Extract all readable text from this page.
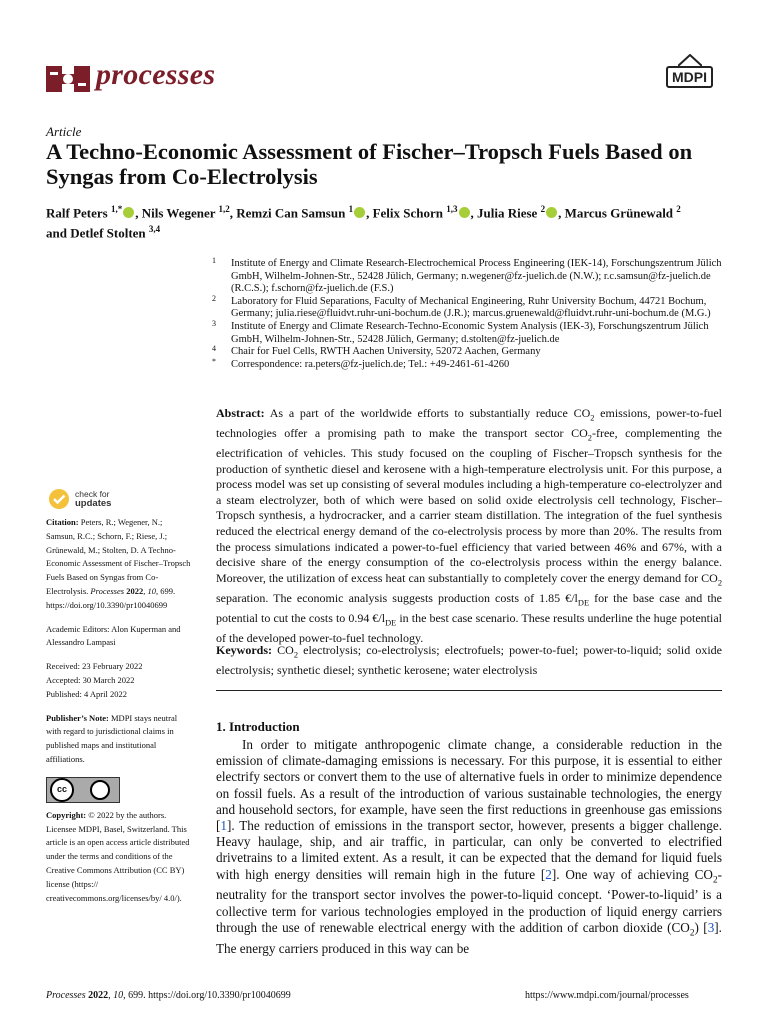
processes	MDPI
Article
A Techno-Economic Assessment of Fischer–Tropsch Fuels Based on Syngas from Co-Electrolysis
Ralf Peters $^{1,*}$ , Nils Wegener $^{1,2}$, Remzi Can Samsun $^1$ , Felix Schorn $^{1,3}$ , Julia Riese $^2$ , Marcus Grünewald $^2$
and Detlef Stolten $^{3,4}$
1 Institute of Energy and Climate Research-Electrochemical Process Engineering (IEK-14), Forschungszentrum Jülich GmbH, Wilhelm-Johnen-Str., 52428 Jülich, Germany; n.wegener@fz-juelich.de (N.W.); r.c.samsun@fz-juelich.de (R.C.S.); f.schorn@fz-juelich.de (F.S.)
2 Laboratory for Fluid Separations, Faculty of Mechanical Engineering, Ruhr University Bochum, 44721 Bochum, Germany; julia.riese@fluidvt.ruhr-uni-bochum.de (J.R.); marcus.gruenewald@fluidvt.ruhr-uni-bochum.de (M.G.)
3 Institute of Energy and Climate Research-Techno-Economic System Analysis (IEK-3), Forschungszentrum Jülich GmbH, Wilhelm-Johnen-Str., 52428 Jülich, Germany; d.stolten@fz-juelich.de
4 Chair for Fuel Cells, RWTH Aachen University, 52072 Aachen, Germany
* Correspondence: ra.peters@fz-juelich.de; Tel.: +49-2461-61-4260
Abstract: As a part of the worldwide efforts to substantially reduce $CO_2$ emissions, power-to-fuel technologies offer a promising path to make the transport sector $CO_2$-free, complementing the electrification of vehicles. This study focused on the coupling of Fischer–Tropsch synthesis for the production of synthetic diesel and kerosene with a high-temperature electrolysis unit. For this purpose, a process model was set up consisting of several modules including a high-temperature co-electrolyzer and a steam electrolyzer, both of which were based on solid oxide electrolysis cell technology, Fischer–Tropsch synthesis, a hydrocracker, and a carrier steam distillation. The integration of the fuel synthesis reduced the electrical energy demand of the co-electrolysis process by more than 20%. The results from the process simulations indicated a power-to-fuel efficiency that varied between 46% and 67%, with a decisive share of the energy consumption of the co-electrolysis process within the energy balance. Moreover, the utilization of excess heat can substantially to completely cover the energy demand for $CO_2$ separation. The economic analysis suggests production costs of 1.85 $€/l_{DE}$ for the base case and the potential to cut the costs to 0.94 $€/l_{DE}$ in the best case scenario. These results underline the huge potential of the developed power-to-fuel technology.
Keywords: $CO_2$ electrolysis; co-electrolysis; electrofuels; power-to-fuel; power-to-liquid; solid oxide electrolysis; synthetic diesel; synthetic kerosene; water electrolysis
1. Introduction
In order to mitigate anthropogenic climate change, a considerable reduction in the emission of climate-damaging emissions is necessary. For this purpose, it is essential to either electrify sectors or convert them to the use of alternative fuels in order to minimize dependence on fossil fuels. As a result of the introduction of various sustainable technologies, the energy and household sectors, for example, have seen the first reductions in greenhouse gas emissions [1]. The reduction of emissions in the transport sector, however, presents a bigger challenge. Heavy haulage, ship, and air traffic, in particular, can only be converted to electrified drivetrains to a limited extent. As a result, it can be expected that the demand for liquid fuels with high energy densities will remain high in the future [2]. One way of achieving $CO_2$-neutrality for the transport sector involves the power-to-liquid concept. ‘Power-to-liquid’ is a collective term for various technologies employed in the production of liquid energy carriers through the use of renewable electrical energy with the addition of carbon dioxide $(CO_2)$ [3]. The energy carriers produced in this way can be
check for
updates
Citation: Peters, R.; Wegener, N.; Samsun, R.C.; Schorn, F.; Riese, J.; Grünewald, M.; Stolten, D. A Techno-Economic Assessment of Fischer–Tropsch Fuels Based on Syngas from Co-Electrolysis. Processes 2022, 10, 699. https://doi.org/10.3390/pr10040699
Academic Editors: Alon Kuperman and Alessandro Lampasi
Received: 23 February 2022
Accepted: 30 March 2022
Published: 4 April 2022
Publisher’s Note: MDPI stays neutral with regard to jurisdictional claims in published maps and institutional affiliations.
cc
Copyright: © 2022 by the authors. Licensee MDPI, Basel, Switzerland. This article is an open access article distributed under the terms and conditions of the Creative Commons Attribution (CC BY) license (https:// creativecommons.org/licenses/by/ 4.0/).
Processes 2022, 10, 699. https://doi.org/10.3390/pr10040699	https://www.mdpi.com/journal/processes
